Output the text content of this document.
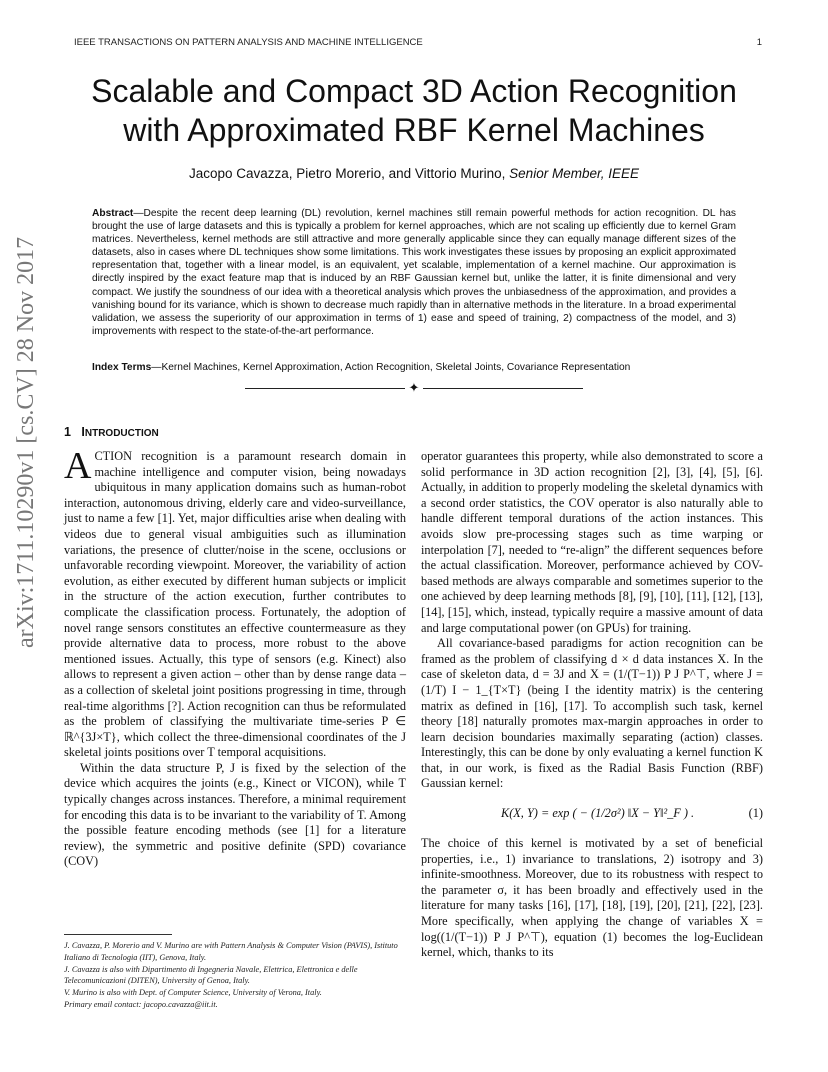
IEEE TRANSACTIONS ON PATTERN ANALYSIS AND MACHINE INTELLIGENCE	1
Scalable and Compact 3D Action Recognition
with Approximated RBF Kernel Machines
Jacopo Cavazza, Pietro Morerio, and Vittorio Murino, Senior Member, IEEE
Abstract—Despite the recent deep learning (DL) revolution, kernel machines still remain powerful methods for action recognition. DL has brought the use of large datasets and this is typically a problem for kernel approaches, which are not scaling up efficiently due to kernel Gram matrices. Nevertheless, kernel methods are still attractive and more generally applicable since they can equally manage different sizes of the datasets, also in cases where DL techniques show some limitations. This work investigates these issues by proposing an explicit approximated representation that, together with a linear model, is an equivalent, yet scalable, implementation of a kernel machine. Our approximation is directly inspired by the exact feature map that is induced by an RBF Gaussian kernel but, unlike the latter, it is finite dimensional and very compact. We justify the soundness of our idea with a theoretical analysis which proves the unbiasedness of the approximation, and provides a vanishing bound for its variance, which is shown to decrease much rapidly than in alternative methods in the literature. In a broad experimental validation, we assess the superiority of our approximation in terms of 1) ease and speed of training, 2) compactness of the model, and 3) improvements with respect to the state-of-the-art performance.
Index Terms—Kernel Machines, Kernel Approximation, Action Recognition, Skeletal Joints, Covariance Representation
✦
arXiv:1711.10290v1 [cs.CV] 28 Nov 2017	1 INTRODUCTION

ACTION recognition is a paramount research domain in machine intelligence and computer vision, being nowadays ubiquitous in many application domains such as human-robot interaction, autonomous driving, elderly care and video-surveillance, just to name a few [1]. Yet, major difficulties arise when dealing with videos due to general visual ambiguities such as illumination variations, the presence of clutter/noise in the scene, occlusions or unfavorable recording viewpoint. Moreover, the variability of action evolution, as either executed by different human subjects or implicit in the structure of the action execution, further contributes to complicate the classification process. Fortunately, the adoption of novel range sensors constitutes an effective countermeasure as they provide alternative data to process, more robust to the above mentioned issues. Actually, this type of sensors (e.g. Kinect) also allows to represent a given action – other than by dense range data – as a collection of skeletal joint positions progressing in time, through real-time algorithms [?]. Action recognition can thus be reformulated as the problem of classifying the multivariate time-series P ∈ ℝ^{3J×T}, which collect the three-dimensional coordinates of the J skeletal joints positions over T temporal acquisitions.

Within the data structure P, J is fixed by the selection of the device which acquires the joints (e.g., Kinect or VICON), while T typically changes across instances. Therefore, a minimal requirement for encoding this data is to be invariant to the variability of T. Among the possible feature encoding methods (see [1] for a literature review), the symmetric and positive definite (SPD) covariance (COV)

operator guarantees this property, while also demonstrated to score a solid performance in 3D action recognition [2], [3], [4], [5], [6]. Actually, in addition to properly modeling the skeletal dynamics with a second order statistics, the COV operator is also naturally able to handle different temporal durations of the action instances. This avoids slow pre-processing stages such as time warping or interpolation [7], needed to “re-align” the different sequences before the actual classification. Moreover, performance achieved by COV-based methods are always comparable and sometimes superior to the one achieved by deep learning methods [8], [9], [10], [11], [12], [13], [14], [15], which, instead, typically require a massive amount of data and large computational power (on GPUs) for training.

All covariance-based paradigms for action recognition can be framed as the problem of classifying d × d data instances X. In the case of skeleton data, d = 3J and X = (1/(T−1)) P J P^⊤, where J = (1/T) I − 1_{T×T} (being I the identity matrix) is the centering matrix as defined in [16], [17]. To accomplish such task, kernel theory [18] naturally promotes max-margin approaches in order to learn decision boundaries maximally separating (action) classes. Interestingly, this can be done by only evaluating a kernel function K that, in our work, is fixed as the Radial Basis Function (RBF) Gaussian kernel:

K(X, Y) = exp ( − (1/2σ²) ‖X − Y‖²_F ) .	(1)

The choice of this kernel is motivated by a set of beneficial properties, i.e., 1) invariance to translations, 2) isotropy and 3) infinite-smoothness. Moreover, due to its robustness with respect to the parameter σ, it has been broadly and effectively used in the literature for many tasks [16], [17], [18], [19], [20], [21], [22], [23]. More specifically, when applying the change of variables X = log((1/(T−1)) P J P^⊤), equation (1) becomes the log-Euclidean kernel, which, thanks to its

J. Cavazza, P. Morerio and V. Murino are with Pattern Analysis & Computer Vision (PAVIS), Istituto Italiano di Tecnologia (IIT), Genova, Italy.

J. Cavazza is also with Dipartimento di Ingegneria Navale, Elettrica, Elettronica e delle Telecomunicazioni (DITEN), University of Genoa, Italy.

V. Murino is also with Dept. of Computer Science, University of Verona, Italy.

Primary email contact: jacopo.cavazza@iit.it.
